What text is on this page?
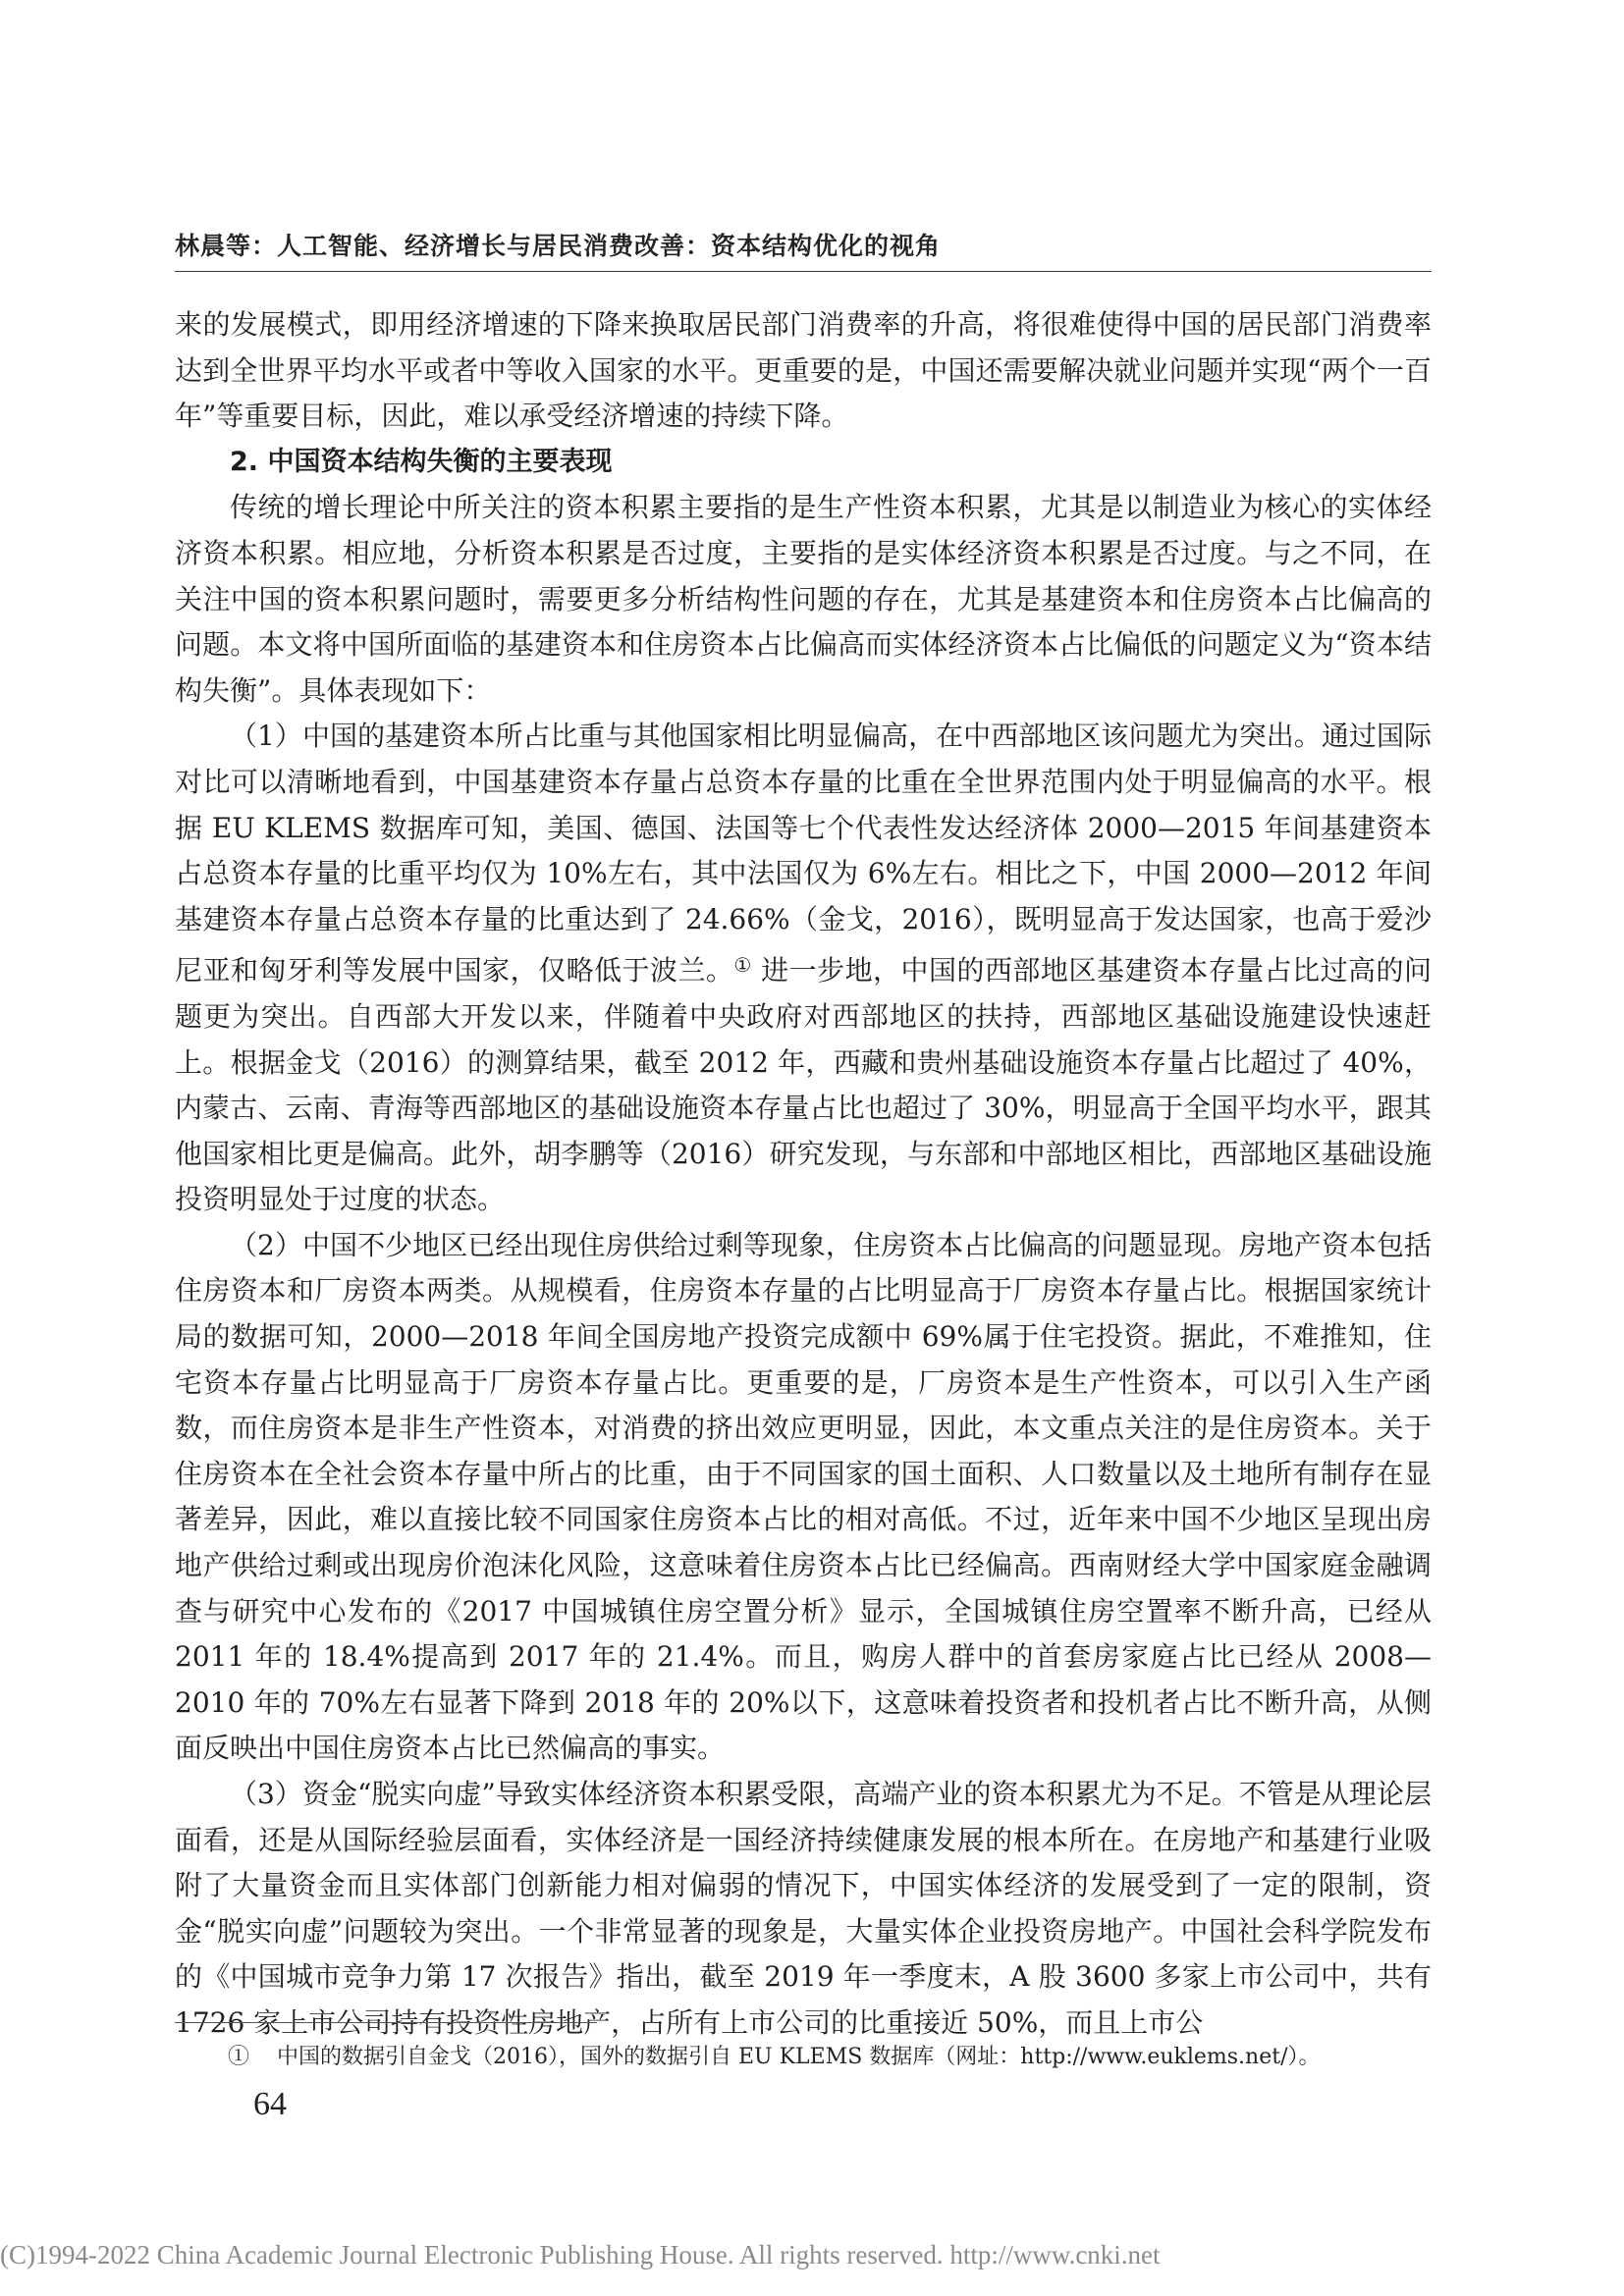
林晨等：人工智能、经济增长与居民消费改善：资本结构优化的视角

来的发展模式，即用经济增速的下降来换取居民部门消费率的升高，将很难使得中国的居民部门消费率达到全世界平均水平或者中等收入国家的水平。更重要的是，中国还需要解决就业问题并实现“两个一百年”等重要目标，因此，难以承受经济增速的持续下降。

2. 中国资本结构失衡的主要表现

传统的增长理论中所关注的资本积累主要指的是生产性资本积累，尤其是以制造业为核心的实体经济资本积累。相应地，分析资本积累是否过度，主要指的是实体经济资本积累是否过度。与之不同，在关注中国的资本积累问题时，需要更多分析结构性问题的存在，尤其是基建资本和住房资本占比偏高的问题。本文将中国所面临的基建资本和住房资本占比偏高而实体经济资本占比偏低的问题定义为“资本结构失衡”。具体表现如下：

（1）中国的基建资本所占比重与其他国家相比明显偏高，在中西部地区该问题尤为突出。通过国际对比可以清晰地看到，中国基建资本存量占总资本存量的比重在全世界范围内处于明显偏高的水平。根据 EU KLEMS 数据库可知，美国、德国、法国等七个代表性发达经济体 2000—2015 年间基建资本占总资本存量的比重平均仅为 10%左右，其中法国仅为 6%左右。相比之下，中国 2000—2012 年间基建资本存量占总资本存量的比重达到了 24.66%（金戈，2016），既明显高于发达国家，也高于爱沙尼亚和匈牙利等发展中国家，仅略低于波兰。① 进一步地，中国的西部地区基建资本存量占比过高的问题更为突出。自西部大开发以来，伴随着中央政府对西部地区的扶持，西部地区基础设施建设快速赶上。根据金戈（2016）的测算结果，截至 2012 年，西藏和贵州基础设施资本存量占比超过了 40%，内蒙古、云南、青海等西部地区的基础设施资本存量占比也超过了 30%，明显高于全国平均水平，跟其他国家相比更是偏高。此外，胡李鹏等（2016）研究发现，与东部和中部地区相比，西部地区基础设施投资明显处于过度的状态。

（2）中国不少地区已经出现住房供给过剩等现象，住房资本占比偏高的问题显现。房地产资本包括住房资本和厂房资本两类。从规模看，住房资本存量的占比明显高于厂房资本存量占比。根据国家统计局的数据可知，2000—2018 年间全国房地产投资完成额中 69%属于住宅投资。据此，不难推知，住宅资本存量占比明显高于厂房资本存量占比。更重要的是，厂房资本是生产性资本，可以引入生产函数，而住房资本是非生产性资本，对消费的挤出效应更明显，因此，本文重点关注的是住房资本。关于住房资本在全社会资本存量中所占的比重，由于不同国家的国土面积、人口数量以及土地所有制存在显著差异，因此，难以直接比较不同国家住房资本占比的相对高低。不过，近年来中国不少地区呈现出房地产供给过剩或出现房价泡沫化风险，这意味着住房资本占比已经偏高。西南财经大学中国家庭金融调查与研究中心发布的《2017 中国城镇住房空置分析》显示，全国城镇住房空置率不断升高，已经从 2011 年的 18.4%提高到 2017 年的 21.4%。而且，购房人群中的首套房家庭占比已经从 2008—2010 年的 70%左右显著下降到 2018 年的 20%以下，这意味着投资者和投机者占比不断升高，从侧面反映出中国住房资本占比已然偏高的事实。

（3）资金“脱实向虚”导致实体经济资本积累受限，高端产业的资本积累尤为不足。不管是从理论层面看，还是从国际经验层面看，实体经济是一国经济持续健康发展的根本所在。在房地产和基建行业吸附了大量资金而且实体部门创新能力相对偏弱的情况下，中国实体经济的发展受到了一定的限制，资金“脱实向虚”问题较为突出。一个非常显著的现象是，大量实体企业投资房地产。中国社会科学院发布的《中国城市竞争力第 17 次报告》指出，截至 2019 年一季度末，A 股 3600 多家上市公司中，共有 1726 家上市公司持有投资性房地产，占所有上市公司的比重接近 50%，而且上市公

① 中国的数据引自金戈（2016），国外的数据引自 EU KLEMS 数据库（网址：http://www.euklems.net/）。
64
(C)1994-2022 China Academic Journal Electronic Publishing House. All rights reserved. http://www.cnki.net
